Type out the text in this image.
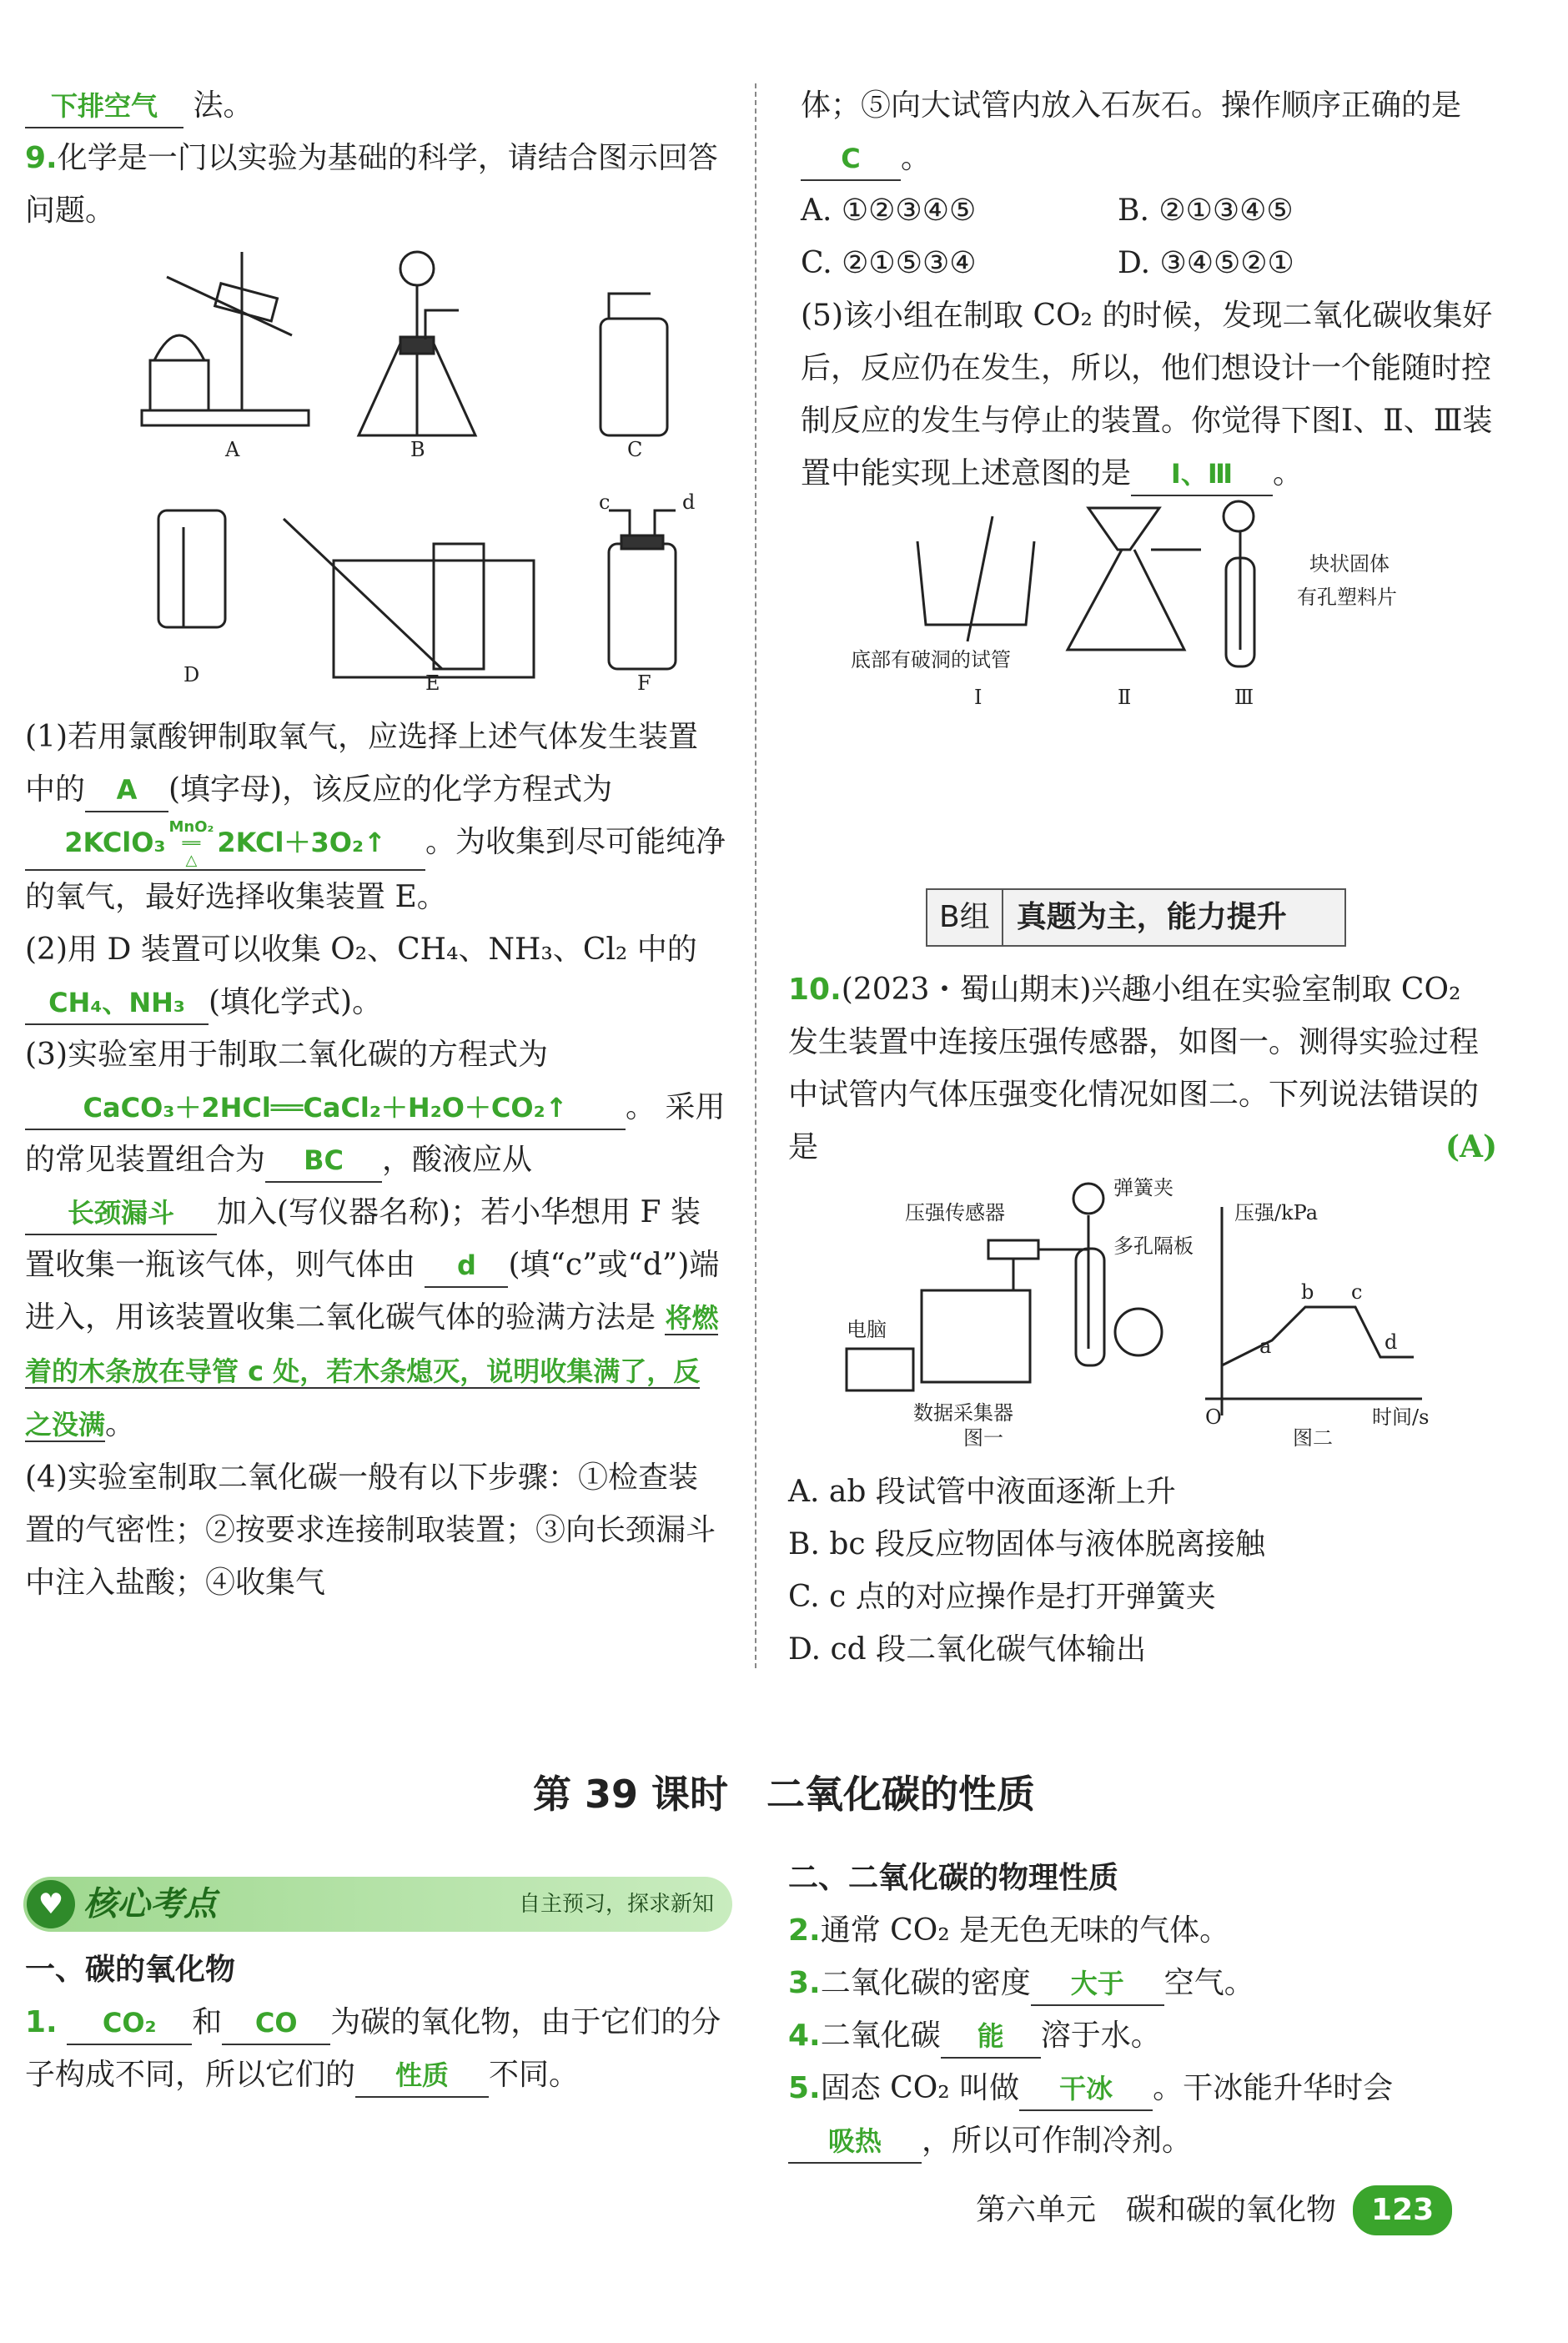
下排空气 法。

9.化学是一门以实验为基础的科学，请结合图示回答问题。

A	B	C
D	E	F
c	d

(1)若用氯酸钾制取氧气，应选择上述气体发生装置中的 A (填字母)，该反应的化学方程式为 2KClO₃ MnO₂
══
△2KCl＋3O₂↑ 。为收集到尽可能纯净的氧气，最好选择收集装置 E。

(2)用 D 装置可以收集 O₂、CH₄、NH₃、Cl₂ 中的CH₄、NH₃ (填化学式)。

(3)实验室用于制取二氧化碳的方程式为 CaCO₃＋2HCl══CaCl₂＋H₂O＋CO₂↑ 。 采用的常见装置组合为 BC ，酸液应从 长颈漏斗 加入(写仪器名称)；若小华想用 F 装置收集一瓶该气体，则气体由 d (填“c”或“d”)端进入，用该装置收集二氧化碳气体的验满方法是 将燃着的木条放在导管 c 处，若木条熄灭，说明收集满了，反之没满。

(4)实验室制取二氧化碳一般有以下步骤：①检查装置的气密性；②按要求连接制取装置；③向长颈漏斗中注入盐酸；④收集气

体；⑤向大试管内放入石灰石。操作顺序正确的是C 。

A. ①②③④⑤	B. ②①③④⑤

C. ②①⑤③④	D. ③④⑤②①

(5)该小组在制取 CO₂ 的时候，发现二氧化碳收集好后，反应仍在发生，所以，他们想设计一个能随时控制反应的发生与停止的装置。你觉得下图Ⅰ、Ⅱ、Ⅲ装置中能实现上述意图的是 Ⅰ、Ⅲ 。

底部有破洞的试管
块状固体
有孔塑料片
Ⅰ	Ⅱ	Ⅲ
B组 真题为主，能力提升

10.(2023・蜀山期末)兴趣小组在实验室制取 CO₂ 发生装置中连接压强传感器，如图一。测得实验过程中试管内气体压强变化情况如图二。下列说法错误的是	(A)

压强传感器
弹簧夹
多孔隔板
电脑
数据采集器
图一
压强/kPa
时间/s
O
a
b c
d
图二

A. ab 段试管中液面逐渐上升

B. bc 段反应物固体与液体脱离接触

C. c 点的对应操作是打开弹簧夹

D. cd 段二氧化碳气体输出

第 39 课时　二氧化碳的性质
♥ 核心考点	自主预习，探求新知

一、碳的氧化物

1. CO₂ 和 CO 为碳的氧化物，由于它们的分子构成不同，所以它们的 性质 不同。

二、二氧化碳的物理性质

2.通常 CO₂ 是无色无味的气体。

3.二氧化碳的密度 大于 空气。

4.二氧化碳 能 溶于水。

5.固态 CO₂ 叫做 干冰 。干冰能升华时会吸热 ，所以可作制冷剂。

第六单元　碳和碳的氧化物 123
